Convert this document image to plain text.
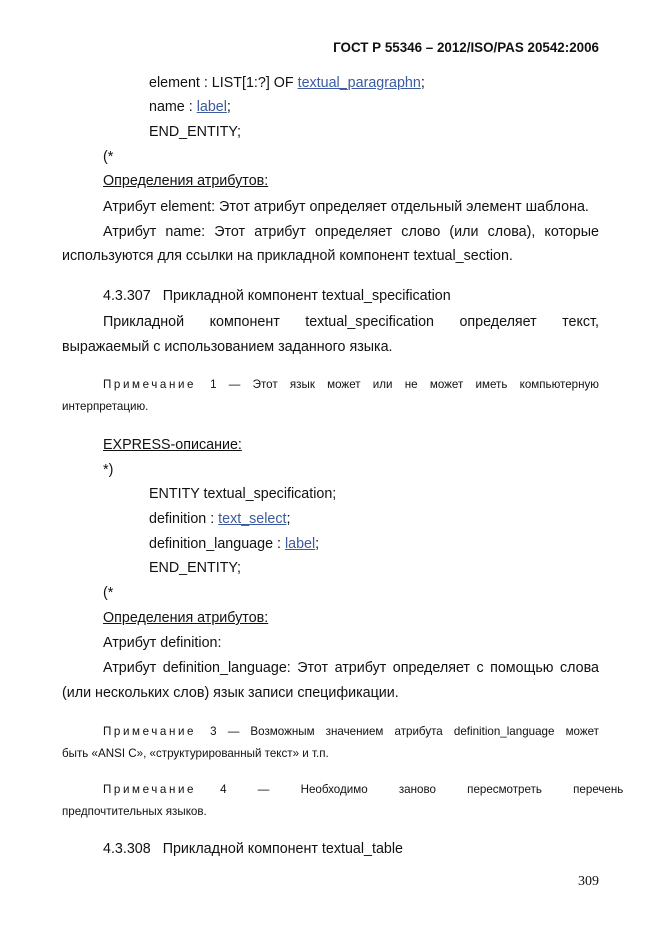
ГОСТ Р 55346 – 2012/ISO/PAS 20542:2006
element : LIST[1:?] OF textual_paragraphn;
name : label;
END_ENTITY;
(*
Определения атрибутов:
Атрибут element: Этот атрибут определяет отдельный элемент шаблона.
Атрибут name: Этот атрибут определяет слово (или слова), которые
используются для ссылки на прикладной компонент textual_section.
4.3.307 Прикладной компонент textual_specification
Прикладной компонент textual_specification определяет текст,
выражаемый с использованием заданного языка.
Примечание 1 — Этот язык может или не может иметь компьютерную
интерпретацию.
EXPRESS-описание:
*)
ENTITY textual_specification;
definition : text_select;
definition_language : label;
END_ENTITY;
(*
Определения атрибутов:
Атрибут definition:
Атрибут definition_language: Этот атрибут определяет с помощью слова
(или нескольких слов) язык записи спецификации.
Примечание 3 — Возможным значением атрибута definition_language может
быть «ANSI C», «структурированный текст» и т.п.
Примечание 4 — Необходимо заново пересмотреть перечень
предпочтительных языков.
4.3.308 Прикладной компонент textual_table
309
